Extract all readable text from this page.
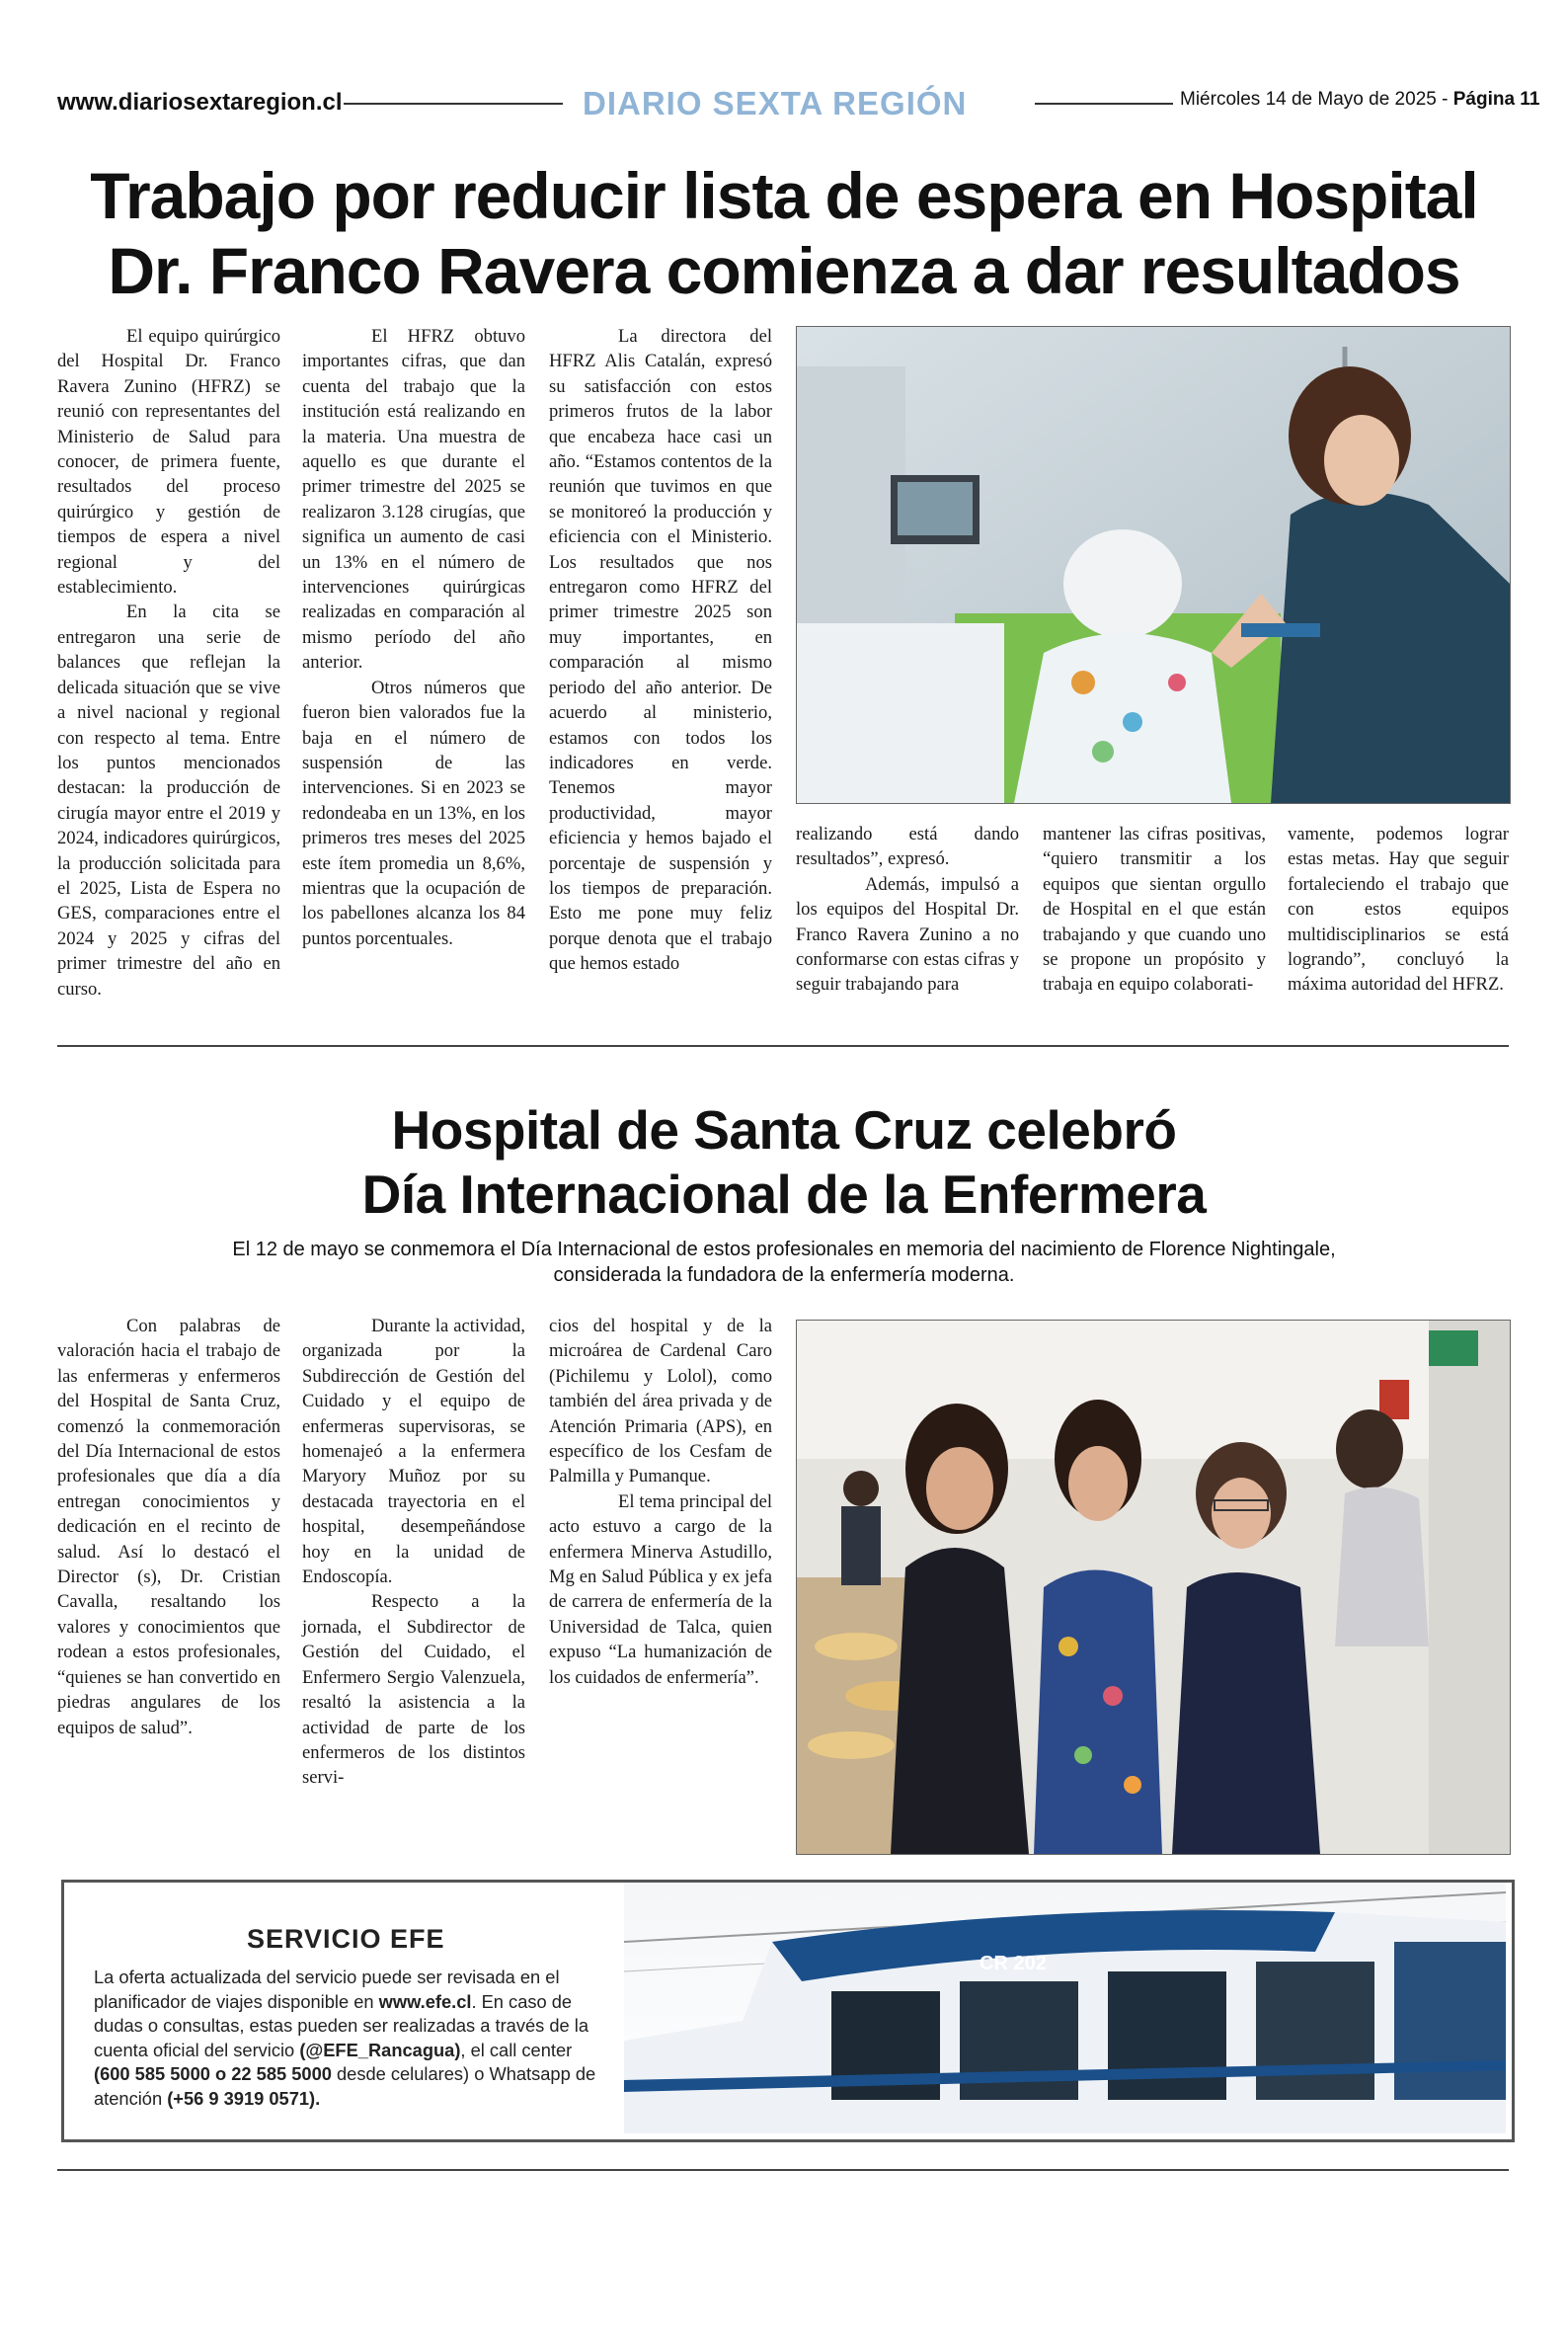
www.diariosextaregion.cl	DIARIO SEXTA REGIÓN	Miércoles 14 de Mayo de 2025 - Página 11
Trabajo por reducir lista de espera en Hospital
Dr. Franco Ravera comienza a dar resultados

El equipo quirúrgico del Hospital Dr. Franco Ravera Zunino (HFRZ) se reunió con representantes del Ministerio de Salud para conocer, de primera fuente, resultados del proceso quirúrgico y gestión de tiempos de espera a nivel regional y del establecimiento.

En la cita se entregaron una serie de balances que reflejan la delicada situación que se vive a nivel nacional y regional con respecto al tema. Entre los puntos mencionados destacan: la producción de cirugía mayor entre el 2019 y 2024, indicadores quirúrgicos, la producción solicitada para el 2025, Lista de Espera no GES, comparaciones entre el 2024 y 2025 y cifras del primer trimestre del año en curso.

El HFRZ obtuvo importantes cifras, que dan cuenta del trabajo que la institución está realizando en la materia. Una muestra de aquello es que durante el primer trimestre del 2025 se realizaron 3.128 cirugías, que significa un aumento de casi un 13% en el número de intervenciones quirúrgicas realizadas en comparación al mismo período del año anterior.

Otros números que fueron bien valorados fue la baja en el número de suspensión de las intervenciones. Si en 2023 se redondeaba en un 13%, en los primeros tres meses del 2025 este ítem promedia un 8,6%, mientras que la ocupación de los pabellones alcanza los 84 puntos porcentuales.

La directora del HFRZ Alis Catalán, expresó su satisfacción con estos primeros frutos de la labor que encabeza hace casi un año. “Estamos contentos de la reunión que tuvimos en que se monitoreó la producción y eficiencia con el Ministerio. Los resultados que nos entregaron como HFRZ del primer trimestre 2025 son muy importantes, en comparación al mismo periodo del año anterior. De acuerdo al ministerio, estamos con todos los indicadores en verde. Tenemos mayor productividad, mayor eficiencia y hemos bajado el porcentaje de suspensión y los tiempos de preparación. Esto me pone muy feliz porque denota que el trabajo que hemos estado

realizando está dando resultados”, expresó.

Además, impulsó a los equipos del Hospital Dr. Franco Ravera Zunino a no conformarse con estas cifras y seguir trabajando para

mantener las cifras positivas, “quiero transmitir a los equipos que sientan orgullo de Hospital en el que están trabajando y que cuando uno se propone un propósito y trabaja en equipo colaborati-

vamente, podemos lograr estas metas. Hay que seguir fortaleciendo el trabajo que con estos equipos multidisciplinarios se está logrando”, concluyó la máxima autoridad del HFRZ.

Hospital de Santa Cruz celebró
Día Internacional de la Enfermera
El 12 de mayo se conmemora el Día Internacional de estos profesionales en memoria del nacimiento de Florence Nightingale, considerada la fundadora de la enfermería moderna.

Con palabras de valoración hacia el trabajo de las enfermeras y enfermeros del Hospital de Santa Cruz, comenzó la conmemoración del Día Internacional de estos profesionales que día a día entregan conocimientos y dedicación en el recinto de salud. Así lo destacó el Director (s), Dr. Cristian Cavalla, resaltando los valores y conocimientos que rodean a estos profesionales, “quienes se han convertido en piedras angulares de los equipos de salud”.

Durante la actividad, organizada por la Subdirección de Gestión del Cuidado y el equipo de enfermeras supervisoras, se homenajeó a la enfermera Maryory Muñoz por su destacada trayectoria en el hospital, desempeñándose hoy en la unidad de Endoscopía.

Respecto a la jornada, el Subdirector de Gestión del Cuidado, el Enfermero Sergio Valenzuela, resaltó la asistencia a la actividad de parte de los enfermeros de los distintos servi-

cios del hospital y de la microárea de Cardenal Caro (Pichilemu y Lolol), como también del área privada y de Atención Primaria (APS), en específico de los Cesfam de Palmilla y Pumanque.

El tema principal del acto estuvo a cargo de la enfermera Minerva Astudillo, Mg en Salud Pública y ex jefa de carrera de enfermería de la Universidad de Talca, quien expuso “La humanización de los cuidados de enfermería”.

CR 202
SERVICIO EFE
La oferta actualizada del servicio puede ser revisada en el planificador de viajes disponible en www.efe.cl. En caso de dudas o consultas, estas pueden ser realizadas a través de la cuenta oficial del servicio (@EFE_Rancagua), el call center (600 585 5000 o 22 585 5000 desde celulares) o Whatsapp de atención (+56 9 3919 0571).
